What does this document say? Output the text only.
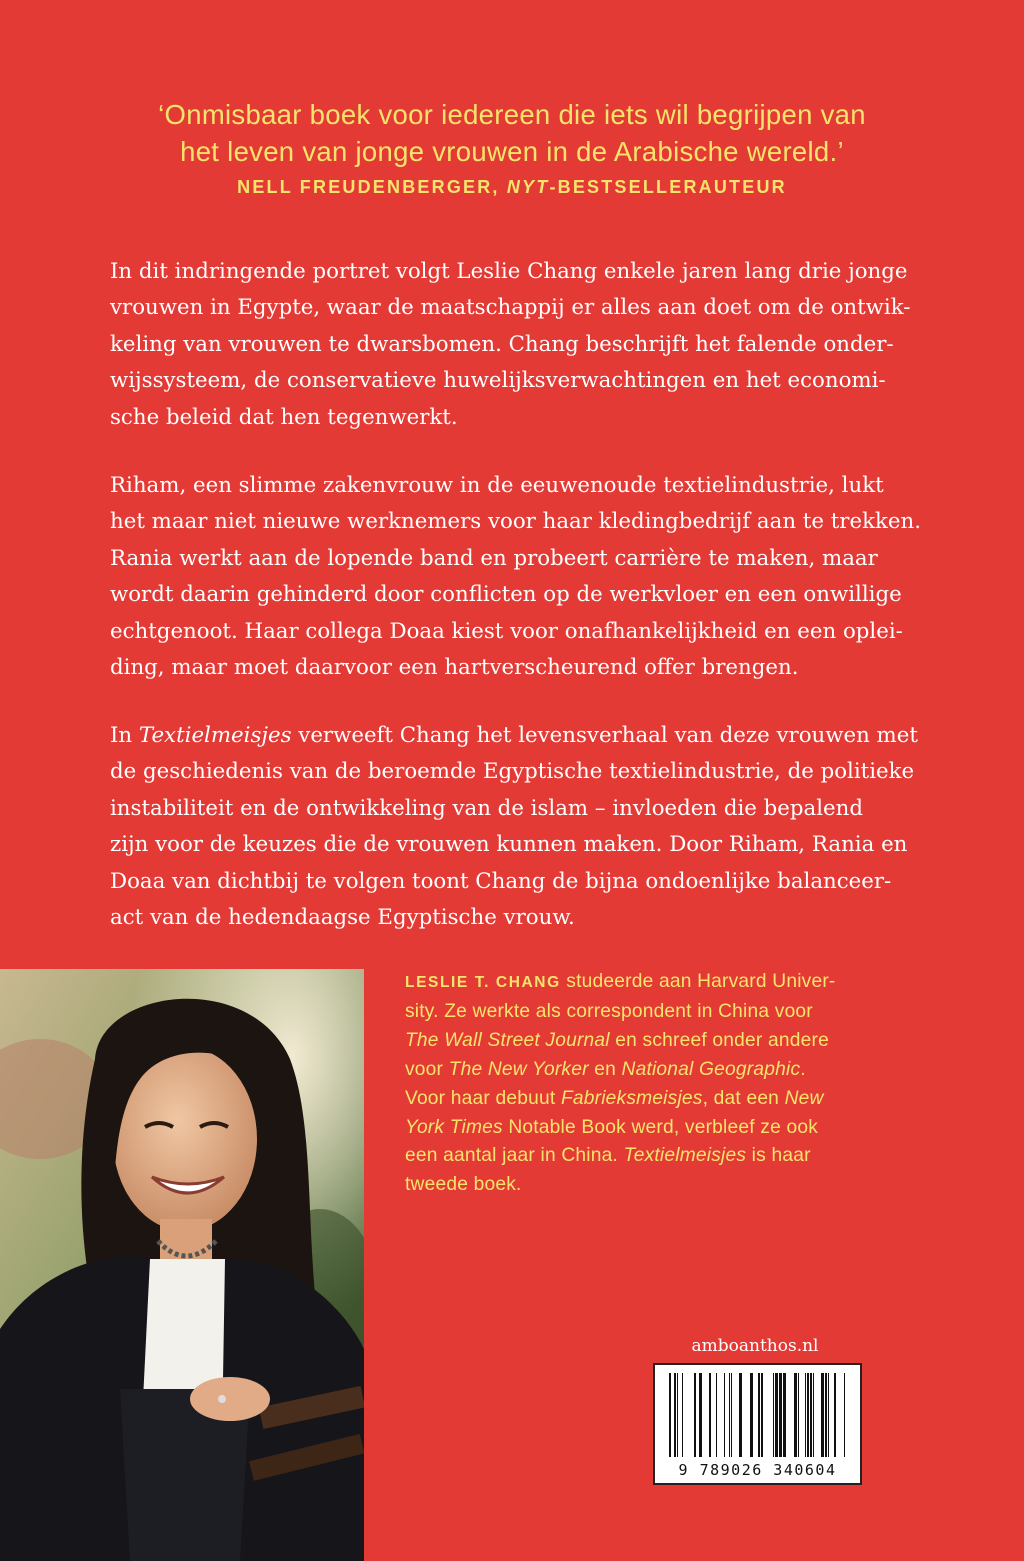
‘Onmisbaar boek voor iedereen die iets wil begrijpen van
het leven van jonge vrouwen in de Arabische wereld.’
NELL FREUDENBERGER, NYT-BESTSELLERAUTEUR
In dit indringende portret volgt Leslie Chang enkele jaren lang drie jonge
vrouwen in Egypte, waar de maatschappij er alles aan doet om de ontwik-
keling van vrouwen te dwarsbomen. Chang beschrijft het falende onder-
wijssysteem, de conservatieve huwelijksverwachtingen en het economi-
sche beleid dat hen tegenwerkt.
Riham, een slimme zakenvrouw in de eeuwenoude textielindustrie, lukt
het maar niet nieuwe werknemers voor haar kledingbedrijf aan te trekken.
Rania werkt aan de lopende band en probeert carrière te maken, maar
wordt daarin gehinderd door conflicten op de werkvloer en een onwillige
echtgenoot. Haar collega Doaa kiest voor onafhankelijkheid en een oplei-
ding, maar moet daarvoor een hartverscheurend offer brengen.
In Textielmeisjes verweeft Chang het levensverhaal van deze vrouwen met
de geschiedenis van de beroemde Egyptische textielindustrie, de politieke
instabiliteit en de ontwikkeling van de islam – invloeden die bepalend
zijn voor de keuzes die de vrouwen kunnen maken. Door Riham, Rania en
Doaa van dichtbij te volgen toont Chang de bijna ondoenlijke balanceer-
act van de hedendaagse Egyptische vrouw.
LESLIE T. CHANG studeerde aan Harvard Univer-
sity. Ze werkte als correspondent in China voor
The Wall Street Journal en schreef onder andere
voor The New Yorker en National Geographic.
Voor haar debuut Fabrieksmeisjes, dat een New
York Times Notable Book werd, verbleef ze ook
een aantal jaar in China. Textielmeisjes is haar
tweede boek.
amboanthos.nl
9 789026 340604
